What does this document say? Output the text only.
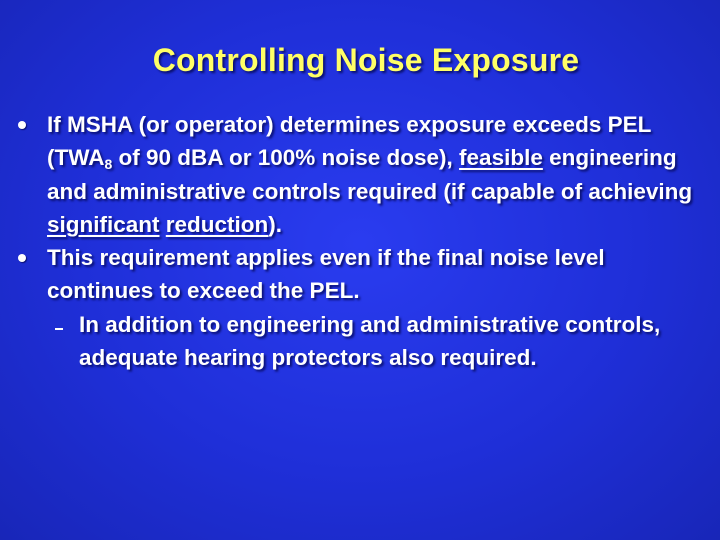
Controlling Noise Exposure
If MSHA (or operator) determines exposure exceeds PEL ($TWA_8$ of 90 dBA or 100% noise dose), feasible engineering and administrative controls required (if capable of achieving significant reduction).
This requirement applies even if the final noise level continues to exceed the PEL.
In addition to engineering and administrative controls, adequate hearing protectors also required.
